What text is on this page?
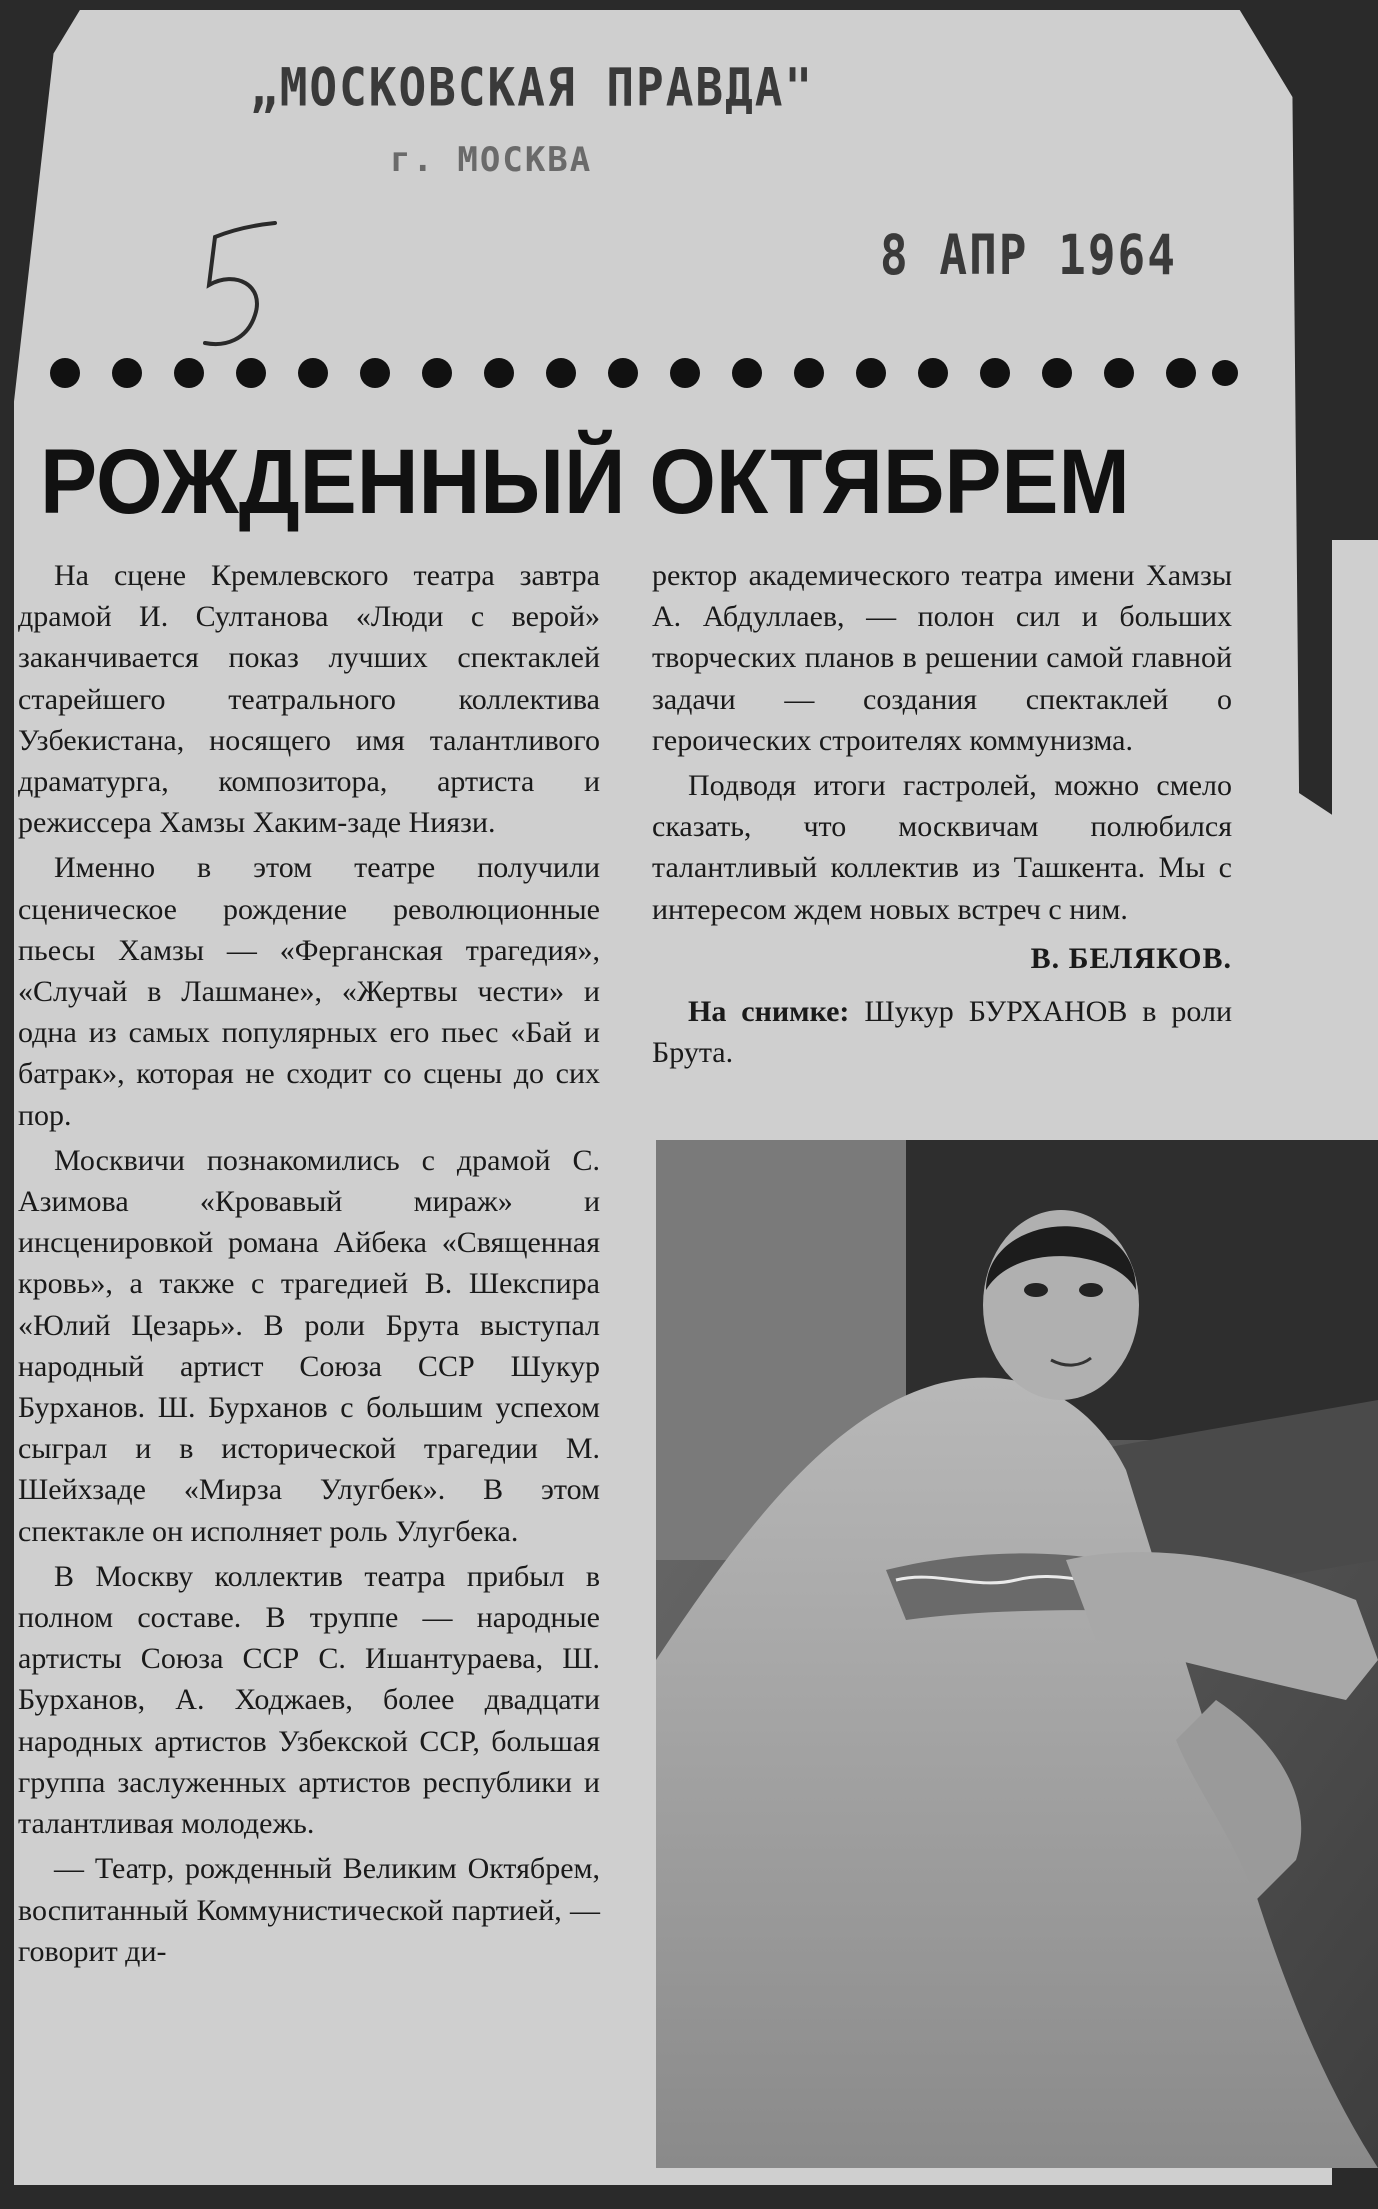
„МОСКОВСКАЯ ПРАВДА"
г. МОСКВА
8 АПР 1964
РОЖДЕННЫЙ ОКТЯБРЕМ

На сцене Кремлевского театра завтра драмой И. Султанова «Люди с верой» заканчивается показ лучших спектаклей старейшего театрального коллектива Узбекистана, носящего имя талантливого драматурга, композитора, артиста и режиссера Хамзы Хаким-заде Ниязи.

Именно в этом театре получили сценическое рождение революционные пьесы Хамзы — «Ферганская трагедия», «Случай в Лашмане», «Жертвы чести» и одна из самых популярных его пьес «Бай и батрак», которая не сходит со сцены до сих пор.

Москвичи познакомились с драмой С. Азимова «Кровавый мираж» и инсценировкой романа Айбека «Священная кровь», а также с трагедией В. Шекспира «Юлий Цезарь». В роли Брута выступал народный артист Союза ССР Шукур Бурханов. Ш. Бурханов с большим успехом сыграл и в исторической трагедии М. Шейхзаде «Мирза Улугбек». В этом спектакле он исполняет роль Улугбека.

В Москву коллектив театра прибыл в полном составе. В труппе — народные артисты Союза ССР С. Ишантураева, Ш. Бурханов, А. Ходжаев, более двадцати народных артистов Узбекской ССР, большая группа заслуженных артистов республики и талантливая молодежь.

— Театр, рожденный Великим Октябрем, воспитанный Коммунистической партией, — говорит ди-

ректор академического театра имени Хамзы А. Абдуллаев, — полон сил и больших творческих планов в решении самой главной задачи — создания спектаклей о героических строителях коммунизма.

Подводя итоги гастролей, можно смело сказать, что москвичам полюбился талантливый коллектив из Ташкента. Мы с интересом ждем новых встреч с ним.

В. БЕЛЯКОВ.

На снимке: Шукур БУРХАНОВ в роли Брута.
